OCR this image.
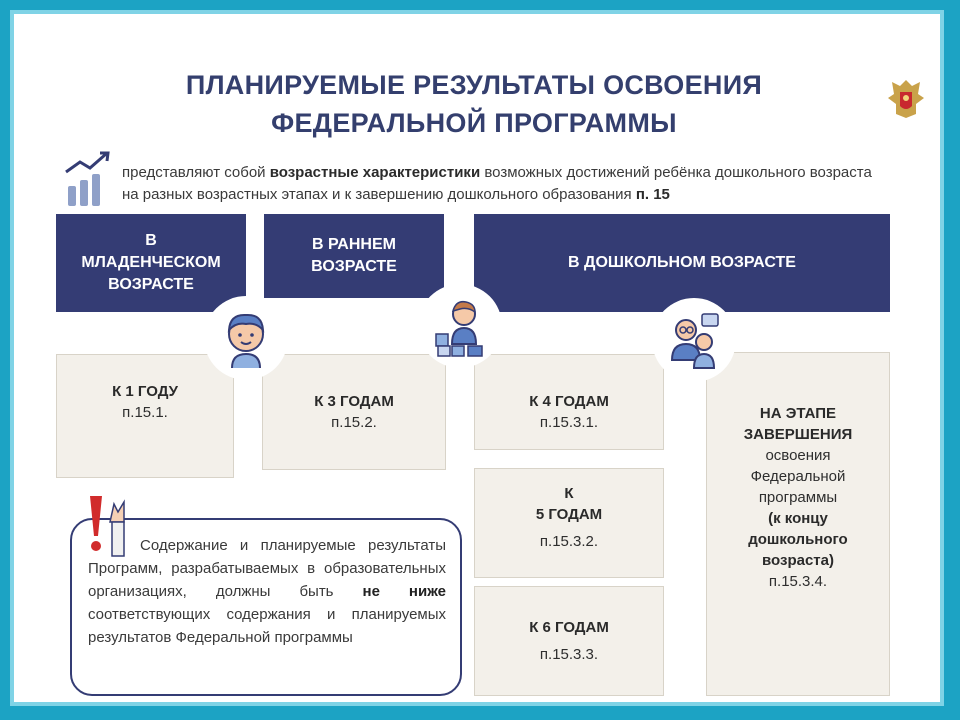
ПЛАНИРУЕМЫЕ РЕЗУЛЬТАТЫ ОСВОЕНИЯ
ФЕДЕРАЛЬНОЙ ПРОГРАММЫ
представляют собой возрастные характеристики возможных достижений ребёнка дошкольного возраста на разных возрастных этапах и к завершению дошкольного образования п. 15
В МЛАДЕНЧЕСКОМ ВОЗРАСТЕ
В РАННЕМ ВОЗРАСТЕ	В ДОШКОЛЬНОМ ВОЗРАСТЕ
К 1 ГОДУ
п.15.1.
К 3 ГОДАМ
п.15.2.
К 4 ГОДАМ
п.15.3.1.
К
5 ГОДАМ
п.15.3.2.
К 6 ГОДАМ
п.15.3.3.
НА ЭТАПЕ
ЗАВЕРШЕНИЯ
освоения Федеральной программы
(к концу дошкольного возраста)
п.15.3.4.
Содержание и планируемые результаты Программ, разрабатываемых в образовательных организациях, должны быть не ниже соответствующих содержания и планируемых результатов Федеральной программы
